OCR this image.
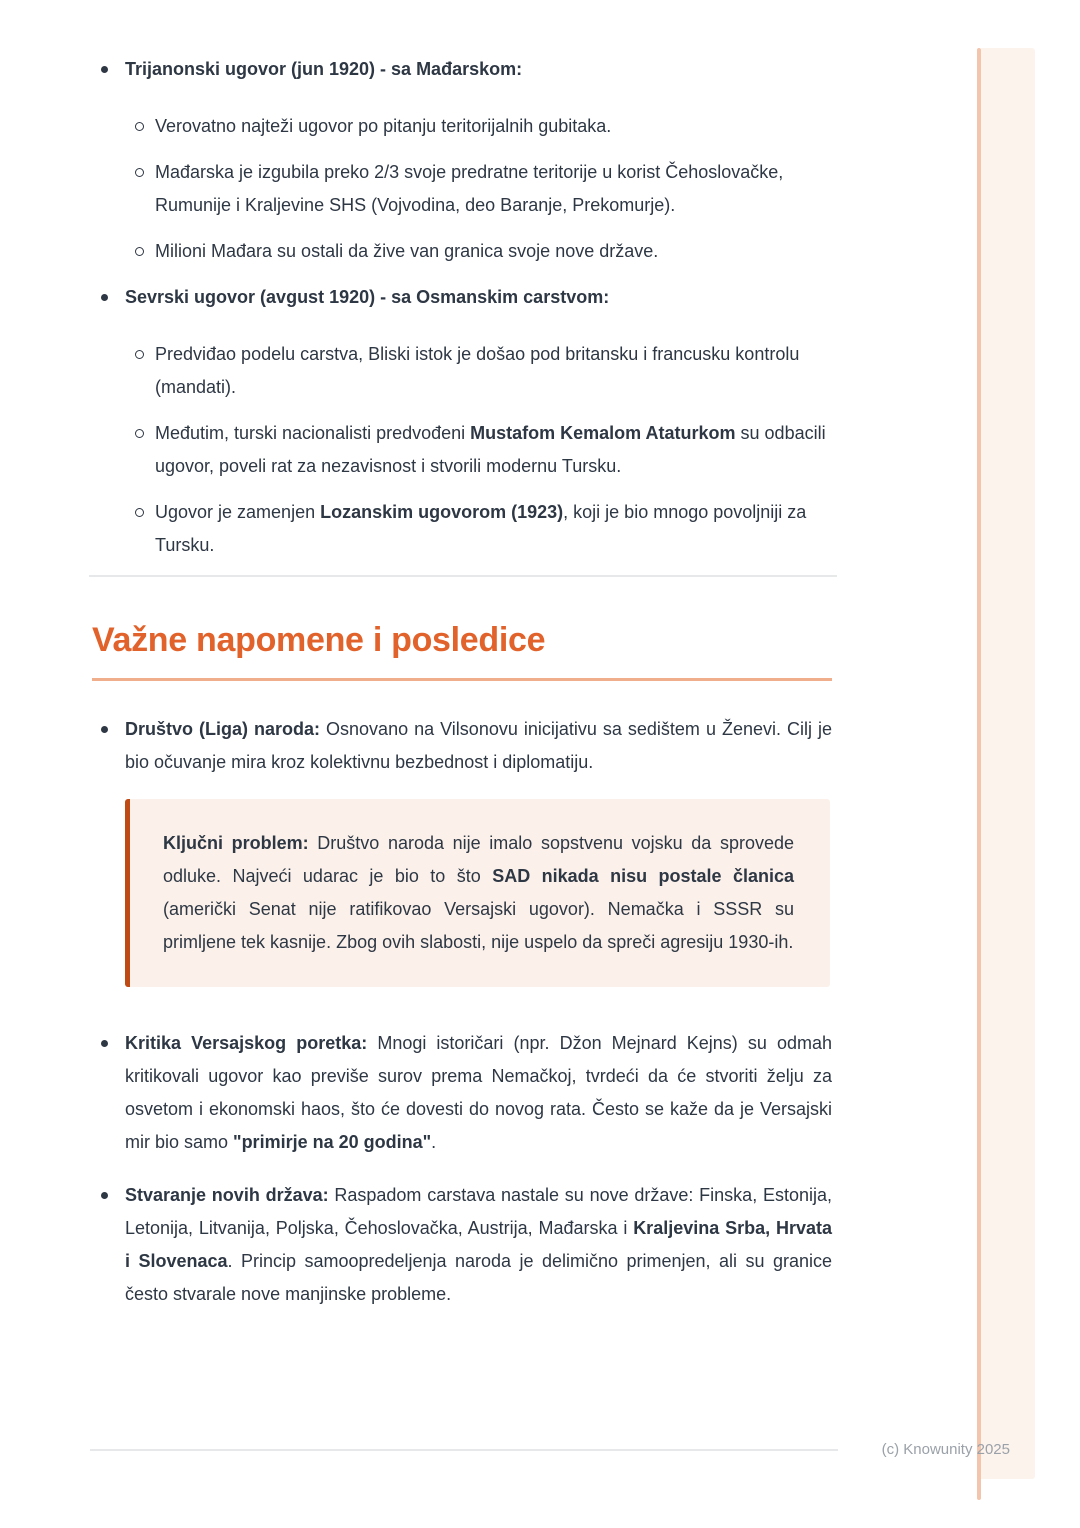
Trijanonski ugovor (jun 1920) - sa Mađarskom:
Verovatno najteži ugovor po pitanju teritorijalnih gubitaka.
Mađarska je izgubila preko 2/3 svoje predratne teritorije u korist Čehoslovačke, Rumunije i Kraljevine SHS (Vojvodina, deo Baranje, Prekomurje).
Milioni Mađara su ostali da žive van granica svoje nove države.
Sevrski ugovor (avgust 1920) - sa Osmanskim carstvom:
Predviđao podelu carstva, Bliski istok je došao pod britansku i francusku kontrolu (mandati).
Međutim, turski nacionalisti predvođeni Mustafom Kemalom Ataturkom su odbacili ugovor, poveli rat za nezavisnost i stvorili modernu Tursku.
Ugovor je zamenjen Lozanskim ugovorom (1923), koji je bio mnogo povoljniji za Tursku.
Važne napomene i posledice

Društvo (Liga) naroda: Osnovano na Vilsonovu inicijativu sa sedištem u Ženevi. Cilj je bio očuvanje mira kroz kolektivnu bezbednost i diplomatiju.

Ključni problem: Društvo naroda nije imalo sopstvenu vojsku da sprovede odluke. Najveći udarac je bio to što SAD nikada nisu postale članica (američki Senat nije ratifikovao Versajski ugovor). Nemačka i SSSR su primljene tek kasnije. Zbog ovih slabosti, nije uspelo da spreči agresiju 1930-ih.

Kritika Versajskog poretka: Mnogi istoričari (npr. Džon Mejnard Kejns) su odmah kritikovali ugovor kao previše surov prema Nemačkoj, tvrdeći da će stvoriti želju za osvetom i ekonomski haos, što će dovesti do novog rata. Često se kaže da je Versajski mir bio samo "primirje na 20 godina".

Stvaranje novih država: Raspadom carstava nastale su nove države: Finska, Estonija, Letonija, Litvanija, Poljska, Čehoslovačka, Austrija, Mađarska i Kraljevina Srba, Hrvata i Slovenaca. Princip samoopredeljenja naroda je delimično primenjen, ali su granice često stvarale nove manjinske probleme.

(c) Knowunity 2025
